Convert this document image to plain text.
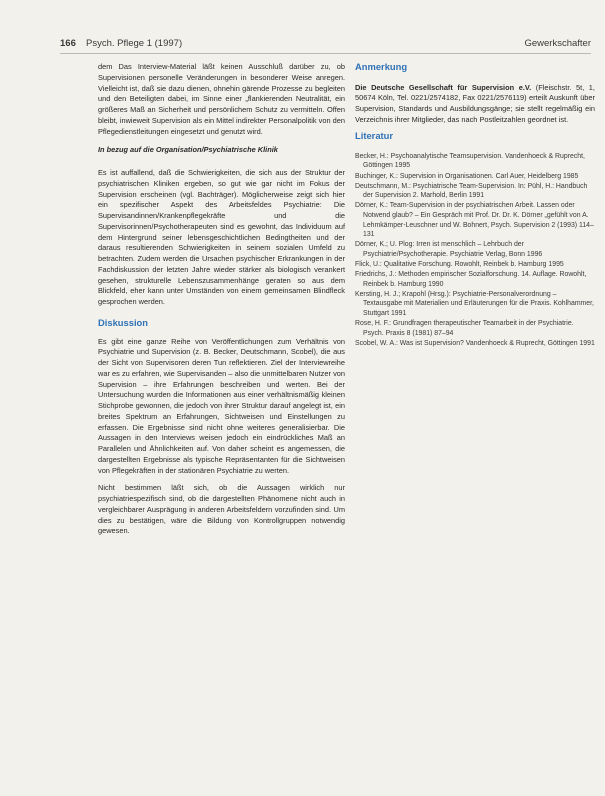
166 Psych. Pflege 1 (1997)	Gewerkschafter

dem Das Interview-Material läßt keinen Ausschluß darüber zu, ob Supervisionen personelle Veränderungen in besonderer Weise anregen. Vielleicht ist, daß sie dazu dienen, ohnehin gärende Prozesse zu begleiten und den Beteiligten dabei, im Sinne einer „flankierenden Neutralität, ein größeres Maß an Sicherheit und persönlichem Schutz zu vermitteln. Offen bleibt, inwieweit Supervision als ein Mittel indirekter Personalpolitik von den Pflegedienstleitungen eingesetzt und genutzt wird.

In bezug auf die Organisation/Psychiatrische Klinik

Es ist auffallend, daß die Schwierigkeiten, die sich aus der Struktur der psychiatrischen Kliniken ergeben, so gut wie gar nicht im Fokus der Supervision erscheinen (vgl. Bachträger). Möglicherweise zeigt sich hier ein spezifischer Aspekt des Arbeitsfeldes Psychiatrie: Die Supervisandinnen/Krankenpflegekräfte und die Supervisorinnen/Psychotherapeuten sind es gewohnt, das Individuum auf dem Hintergrund seiner lebensgeschichtlichen Bedingtheiten und der daraus resultierenden Schwierigkeiten in seinem sozialen Umfeld zu betrachten. Zudem werden die Ursachen psychischer Erkrankungen in der Fachdiskussion der letzten Jahre wieder stärker als biologisch verankert gesehen, strukturelle Lebenszusammenhänge geraten so aus dem Blickfeld, eher kann unter Umständen von einem gemeinsamen Blindfleck gesprochen werden.

Diskussion

Es gibt eine ganze Reihe von Veröffentlichungen zum Verhältnis von Psychiatrie und Supervision (z. B. Becker, Deutschmann, Scobel), die aus der Sicht von Supervisoren deren Tun reflektieren. Ziel der Interviewreihe war es zu erfahren, wie Supervisanden – also die unmittelbaren Nutzer von Supervision – ihre Erfahrungen beschreiben und werten. Bei der Untersuchung wurden die Informationen aus einer verhältnismäßig kleinen Stichprobe gewonnen, die jedoch von ihrer Struktur darauf angelegt ist, ein breites Spektrum an Erfahrungen, Sichtweisen und Einstellungen zu erfassen. Die Ergebnisse sind nicht ohne weiteres generalisierbar. Die Aussagen in den Interviews weisen jedoch ein eindrückliches Maß an Parallelen und Ähnlichkeiten auf. Von daher scheint es angemessen, die dargestellten Ergebnisse als typische Repräsentanten für die Sichtweisen von Pflegekräften in der stationären Psychiatrie zu werten.

Nicht bestimmen läßt sich, ob die Aussagen wirklich nur psychiatriespezifisch sind, ob die dargestellten Phänomene nicht auch in vergleichbarer Ausprägung in anderen Arbeitsfeldern vorzufinden sind. Um dies zu bestätigen, wäre die Bildung von Kontrollgruppen notwendig gewesen.

Anmerkung

Die Deutsche Gesellschaft für Supervision e.V. (Fleischstr. 5t, 1, 50674 Köln, Tel. 0221/2574182, Fax 0221/2576119) erteilt Auskunft über Supervision, Standards und Ausbildungsgänge; sie stellt regelmäßig ein Verzeichnis ihrer Mitglieder, das nach Postleitzahlen geordnet ist.

Literatur
Becker, H.: Psychoanalytische Teamsupervision. Vandenhoeck & Ruprecht, Göttingen 1995
Buchinger, K.: Supervision in Organisationen. Carl Auer, Heidelberg 1985
Deutschmann, M.: Psychiatrische Team-Supervision. In: Pühl, H.: Handbuch der Supervision 2. Marhold, Berlin 1991
Dörner, K.: Team-Supervision in der psychiatrischen Arbeit. Lassen oder Notwend glaub? – Ein Gespräch mit Prof. Dr. Dr. K. Dörner „gefühlt von A. Lehmkämper-Leuschner und W. Bohnert, Psych. Supervision 2 (1993) 114–131
Dörner, K.; U. Plog: Irren ist menschlich – Lehrbuch der Psychiatrie/Psychotherapie. Psychiatrie Verlag, Bonn 1996
Flick, U.: Qualitative Forschung. Rowohlt, Reinbek b. Hamburg 1995
Friedrichs, J.: Methoden empirischer Sozialforschung. 14. Auflage. Rowohlt, Reinbek b. Hamburg 1990
Kersting, H. J.; Krapohl (Hrsg.): Psychiatrie-Personalverordnung – Textausgabe mit Materialien und Erläuterungen für die Praxis. Kohlhammer, Stuttgart 1991
Rose, H. F.: Grundfragen therapeutischer Teamarbeit in der Psychiatrie. Psych. Praxis 8 (1981) 87–94
Scobel, W. A.: Was ist Supervision? Vandenhoeck & Ruprecht, Göttingen 1991
